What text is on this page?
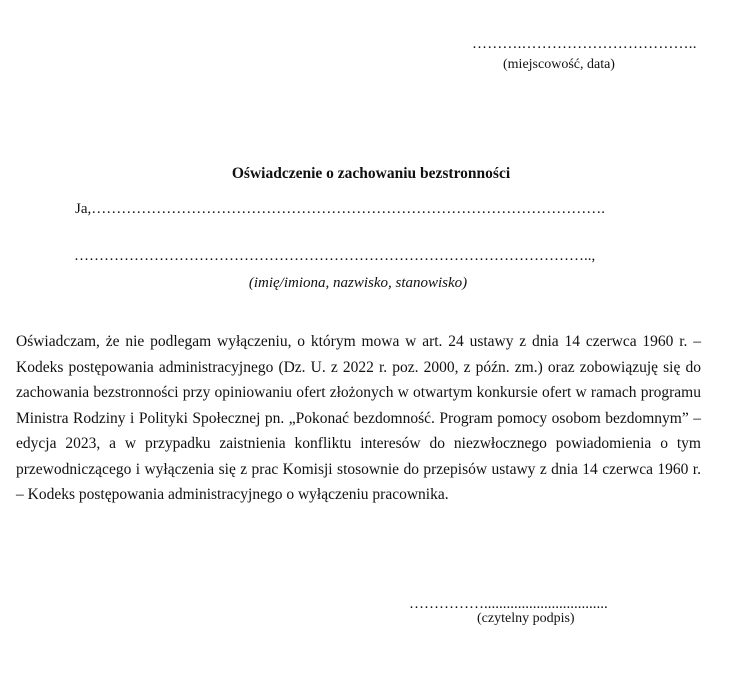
……….……………………………..
(miejscowość, data)
Oświadczenie o zachowaniu bezstronności
Ja,………………………………………………………………………………………….
…………………………………………………………………………………………..,
(imię/imiona, nazwisko, stanowisko)

Oświadczam, że nie podlegam wyłączeniu, o którym mowa w art. 24 ustawy z dnia 14 czerwca 1960 r. – Kodeks postępowania administracyjnego (Dz. U. z 2022 r. poz. 2000, z późn. zm.) oraz zobowiązuję się do zachowania bezstronności przy opiniowaniu ofert złożonych w otwartym konkursie ofert w ramach programu Ministra Rodziny i Polityki Społecznej pn. „Pokonać bezdomność. Program pomocy osobom bezdomnym” – edycja 2023, a w przypadku zaistnienia konfliktu interesów do niezwłocznego powiadomienia o tym przewodniczącego i wyłączenia się z prac Komisji stosownie do przepisów ustawy z dnia 14 czerwca 1960 r. – Kodeks postępowania administracyjnego o wyłączeniu pracownika.

…………….................................
(czytelny podpis)
